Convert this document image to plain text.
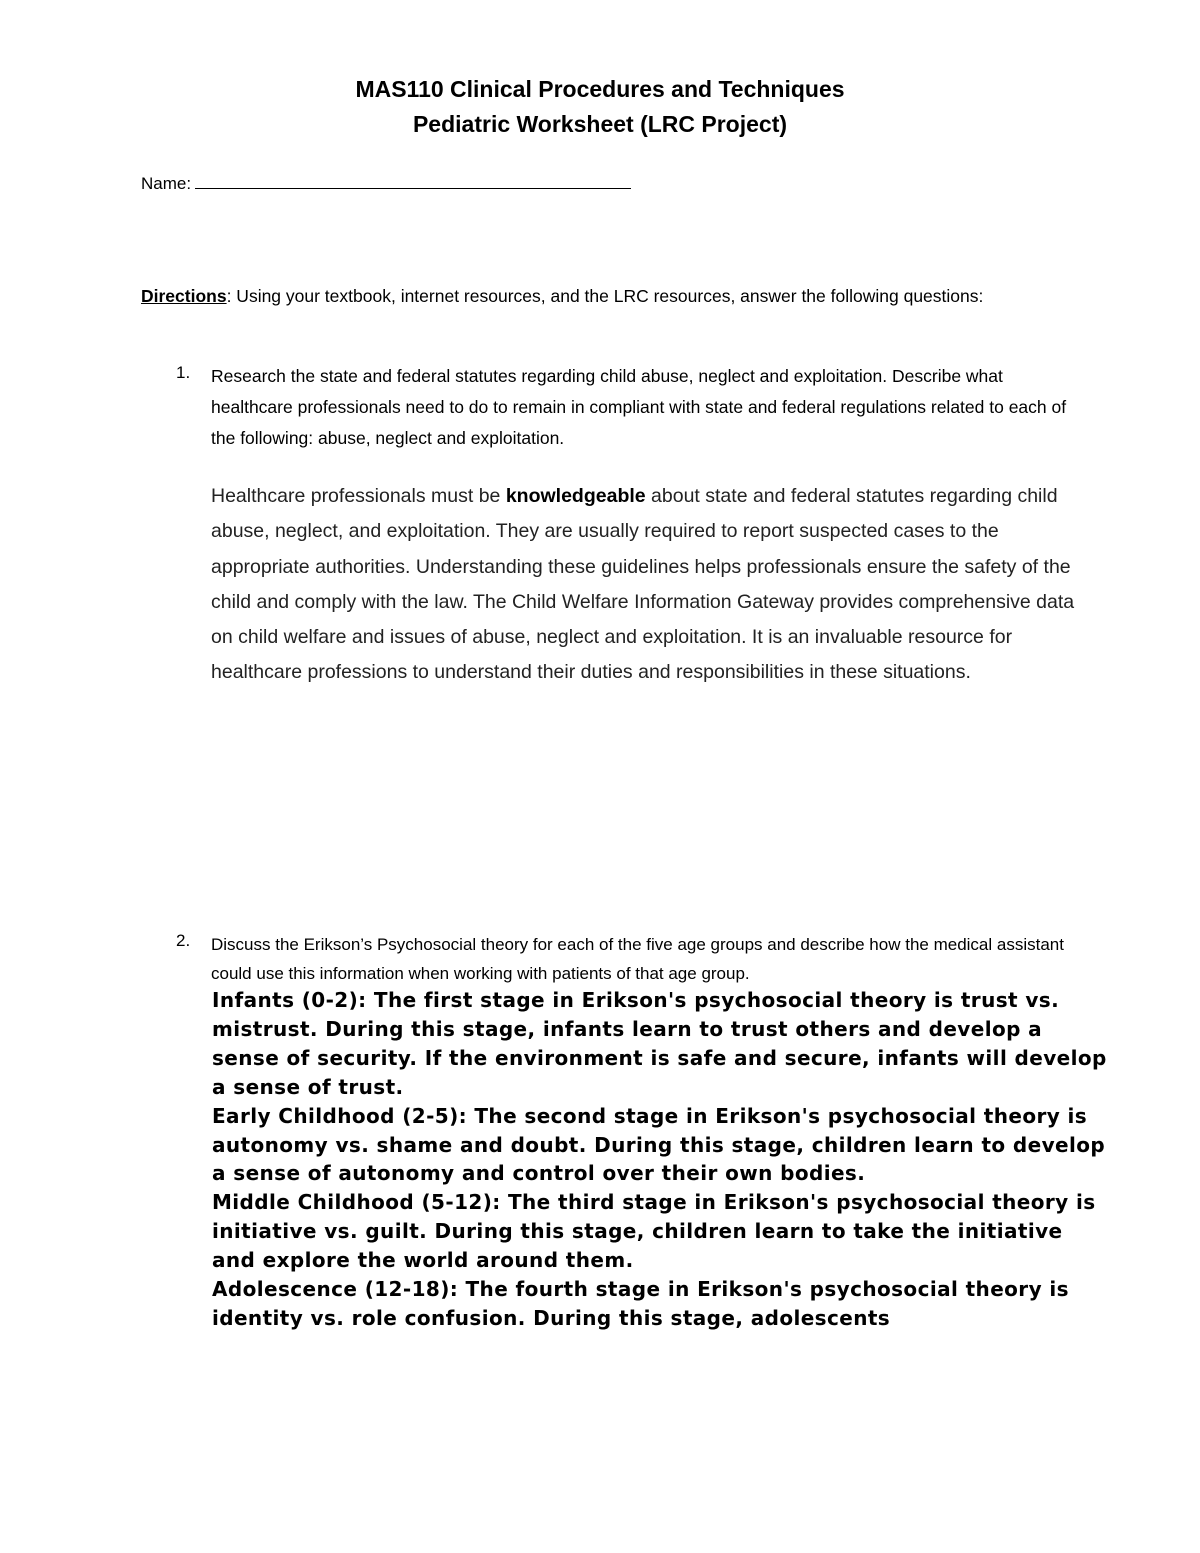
MAS110 Clinical Procedures and Techniques
Pediatric Worksheet (LRC Project)
Name:
Directions: Using your textbook, internet resources, and the LRC resources, answer the following questions:
1. Research the state and federal statutes regarding child abuse, neglect and exploitation. Describe what healthcare professionals need to do to remain in compliant with state and federal regulations related to each of the following: abuse, neglect and exploitation.
Healthcare professionals must be knowledgeable about state and federal statutes regarding child abuse, neglect, and exploitation. They are usually required to report suspected cases to the appropriate authorities. Understanding these guidelines helps professionals ensure the safety of the child and comply with the law. The Child Welfare Information Gateway provides comprehensive data on child welfare and issues of abuse, neglect and exploitation. It is an invaluable resource for healthcare professions to understand their duties and responsibilities in these situations.
2. Discuss the Erikson’s Psychosocial theory for each of the five age groups and describe how the medical assistant could use this information when working with patients of that age group.

Infants (0-2): The first stage in Erikson's psychosocial theory is trust vs. mistrust. During this stage, infants learn to trust others and develop a sense of security. If the environment is safe and secure, infants will develop a sense of trust.

Early Childhood (2-5): The second stage in Erikson's psychosocial theory is autonomy vs. shame and doubt. During this stage, children learn to develop a sense of autonomy and control over their own bodies.

Middle Childhood (5-12): The third stage in Erikson's psychosocial theory is initiative vs. guilt. During this stage, children learn to take the initiative and explore the world around them.

Adolescence (12-18): The fourth stage in Erikson's psychosocial theory is identity vs. role confusion. During this stage, adolescents
